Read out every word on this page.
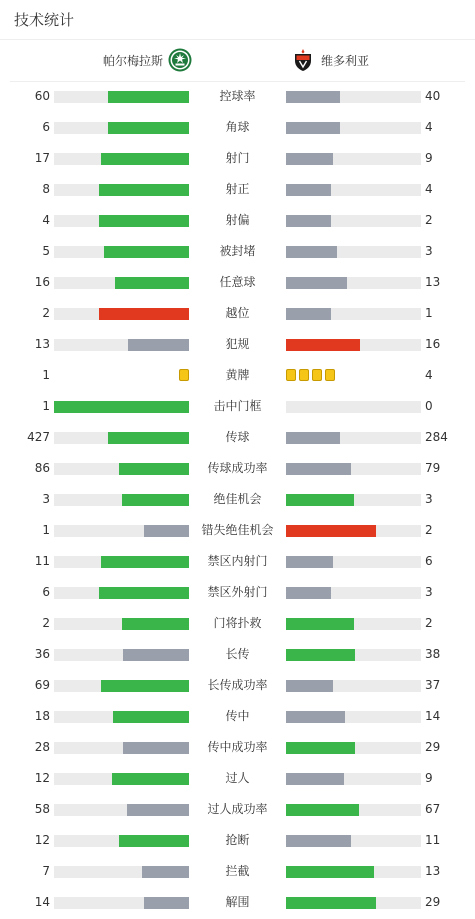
技术统计
帕尔梅拉斯	维多利亚
60	控球率	40
6	角球	4
17	射门	9
8	射正	4
4	射偏	2
5	被封堵	3
16	任意球	13
2	越位	1
13	犯规	16
1	黄牌	4
1	击中门框	0
427	传球	284
86	传球成功率	79
3	绝佳机会	3
1	错失绝佳机会	2
11	禁区内射门	6
6	禁区外射门	3
2	门将扑救	2
36	长传	38
69	长传成功率	37
18	传中	14
28	传中成功率	29
12	过人	9
58	过人成功率	67
12	抢断	11
7	拦截	13
14	解围	29
